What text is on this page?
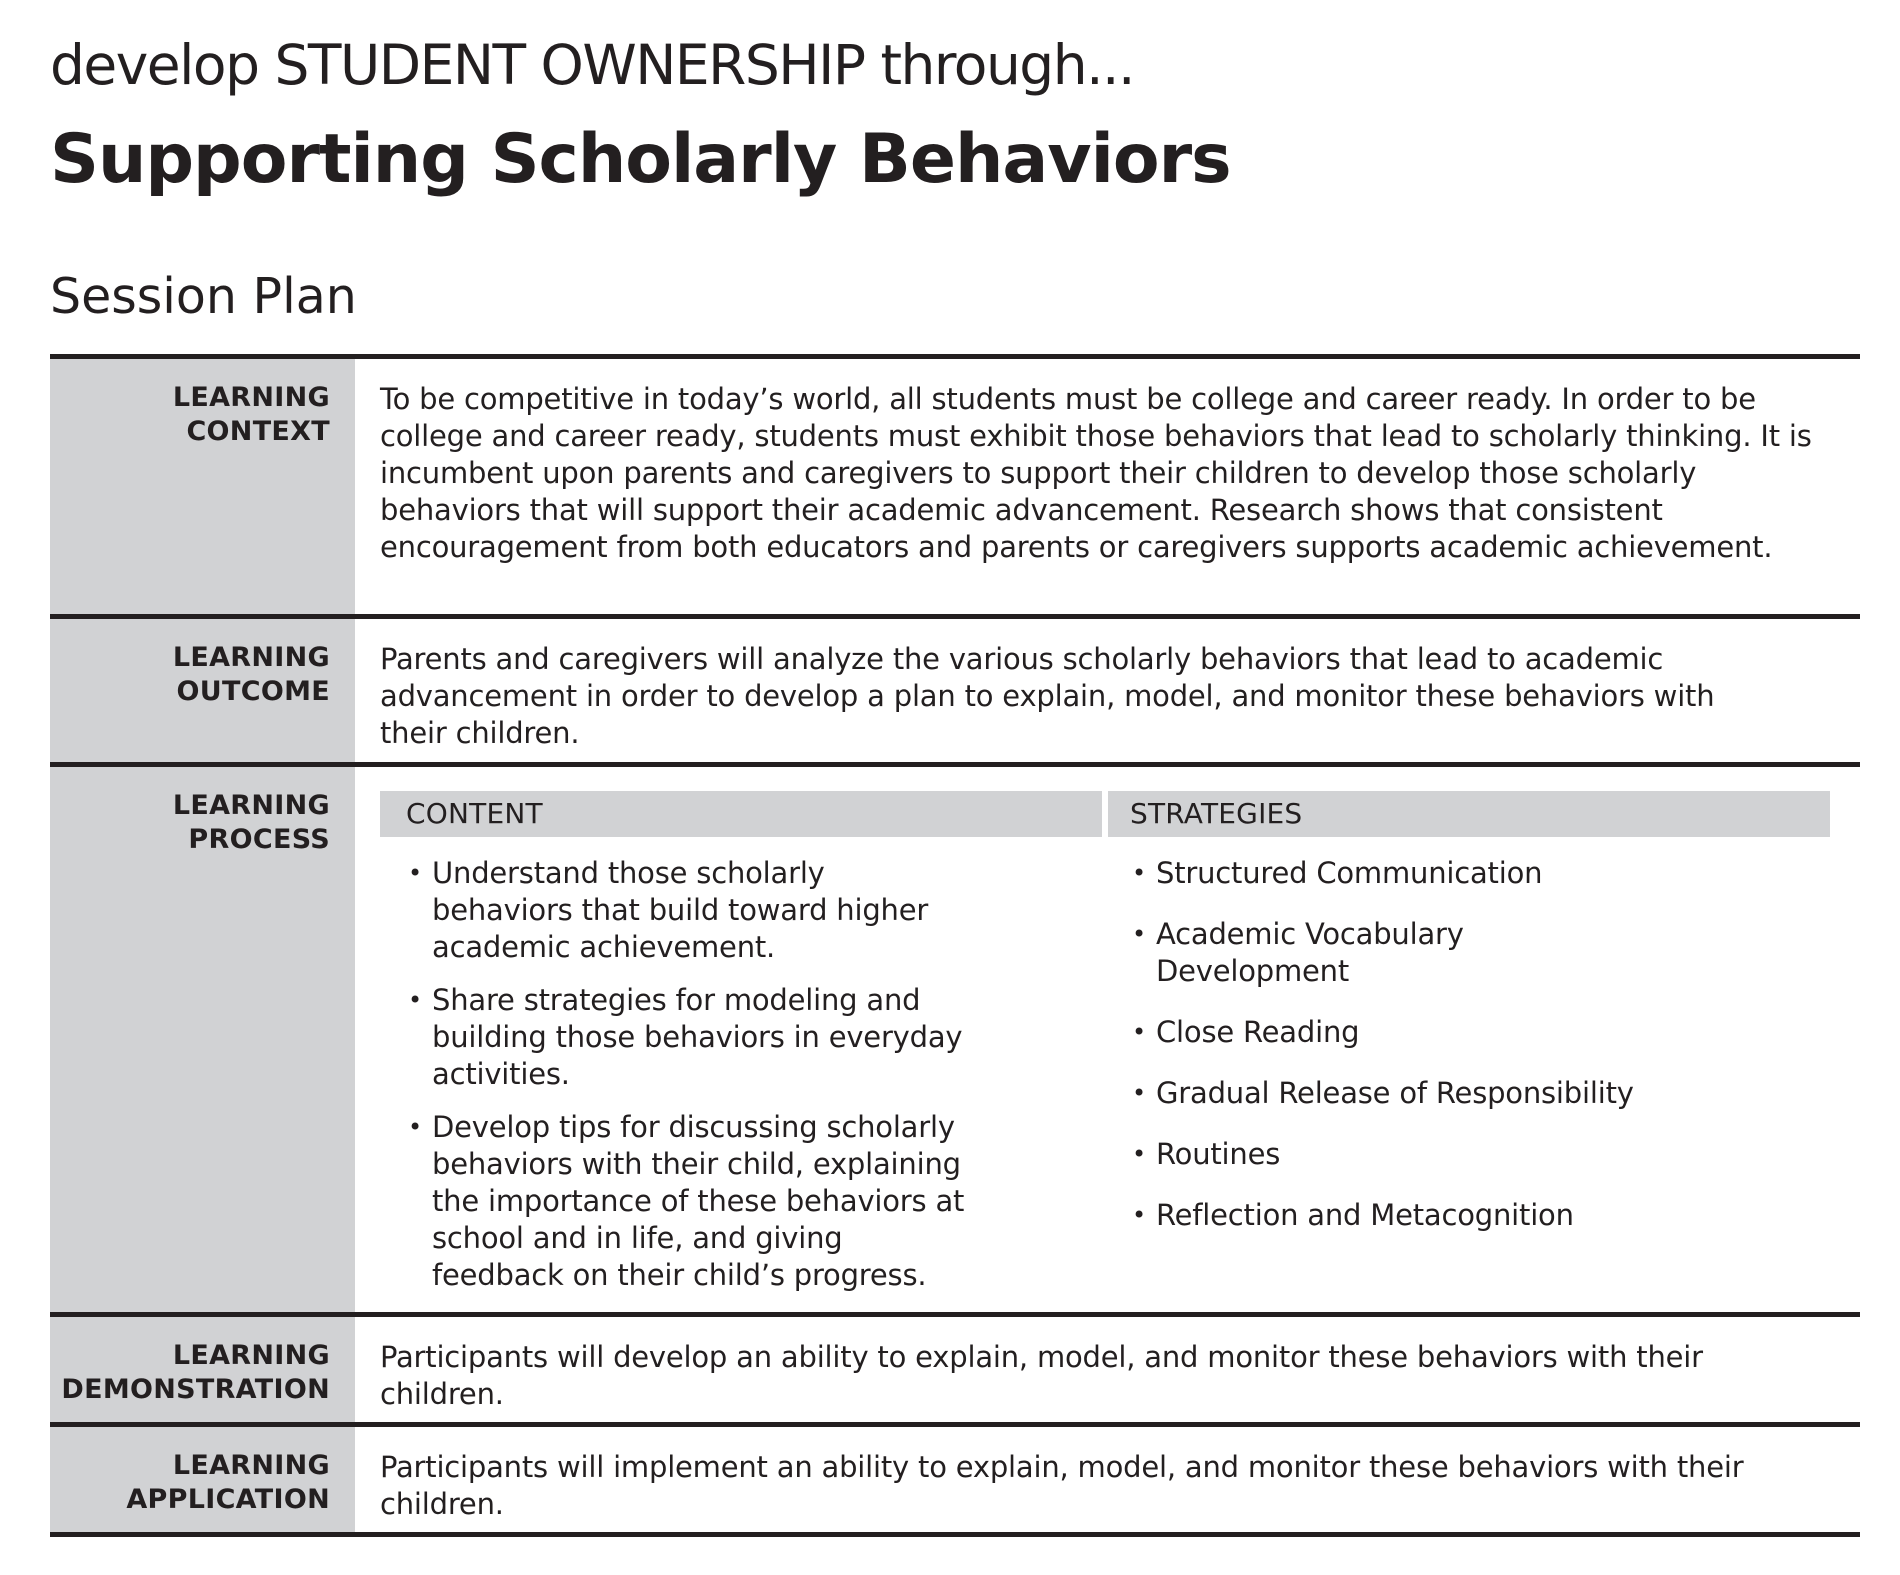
develop STUDENT OWNERSHIP through...
Supporting Scholarly Behaviors
Session Plan
LEARNING
CONTEXT

To be competitive in today’s world, all students must be college and career ready. In order to be college and career ready, students must exhibit those behaviors that lead to scholarly thinking. It is incumbent upon parents and caregivers to support their children to develop those scholarly behaviors that will support their academic advancement. Research shows that consistent encouragement from both educators and parents or caregivers supports academic achievement.

LEARNING
OUTCOME

Parents and caregivers will analyze the various scholarly behaviors that lead to academic advancement in order to develop a plan to explain, model, and monitor these behaviors with their children.

LEARNING
PROCESS
CONTENT
• Understand those scholarly behaviors that build toward higher academic achievement.
• Share strategies for modeling and building those behaviors in everyday activities.
• Develop tips for discussing scholarly behaviors with their child, explaining the importance of these behaviors at school and in life, and giving feedback on their child’s progress.
STRATEGIES
• Structured Communication
• Academic Vocabulary Development
• Close Reading
• Gradual Release of Responsibility
• Routines
• Reflection and Metacognition
LEARNING
DEMONSTRATION

Participants will develop an ability to explain, model, and monitor these behaviors with their children.

LEARNING
APPLICATION

Participants will implement an ability to explain, model, and monitor these behaviors with their children.
